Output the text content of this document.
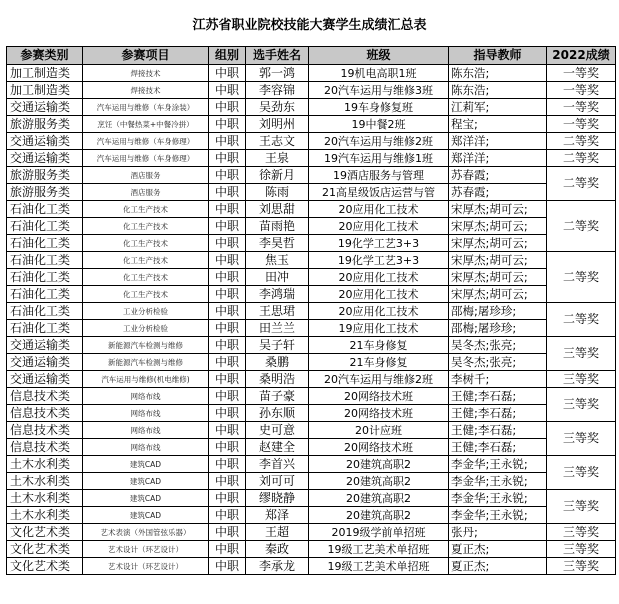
江苏省职业院校技能大赛学生成绩汇总表
参赛类别	参赛项目	组别	选手姓名	班级	指导教师	2022成绩
加工制造类	焊接技术	中职	郭一鸿	19机电高职1班	陈东浩;	一等奖
加工制造类	焊接技术	中职	李容锦	20汽车运用与维修3班	陈东浩;	一等奖
交通运输类	汽车运用与维修（车身涂装）	中职	吴劲东	19车身修复班	江莉军;	一等奖
旅游服务类	烹饪（中餐热菜+中餐冷拼）	中职	刘明州	19中餐2班	程宝;	一等奖
交通运输类	汽车运用与维修（车身修理）	中职	王志文	20汽车运用与维修2班	郑洋洋;	二等奖
交通运输类	汽车运用与维修（车身修理）	中职	王泉	19汽车运用与维修1班	郑洋洋;	二等奖
旅游服务类	酒店服务	中职	徐新月	19酒店服务与管理	苏春霞;	二等奖
旅游服务类	酒店服务	中职	陈雨	21高星级饭店运营与管	苏春霞;	
石油化工类	化工生产技术	中职	刘思甜	20应用化工技术	宋厚杰;胡可云;	二等奖
石油化工类	化工生产技术	中职	苗雨艳	20应用化工技术	宋厚杰;胡可云;	
石油化工类	化工生产技术	中职	李昊哲	19化学工艺3+3	宋厚杰;胡可云;	
石油化工类	化工生产技术	中职	焦玉	19化学工艺3+3	宋厚杰;胡可云;	二等奖
石油化工类	化工生产技术	中职	田冲	20应用化工技术	宋厚杰;胡可云;	
石油化工类	化工生产技术	中职	李鸿瑞	20应用化工技术	宋厚杰;胡可云;	
石油化工类	工业分析检验	中职	王思珺	20应用化工技术	邵梅;屠珍珍;	二等奖
石油化工类	工业分析检验	中职	田兰兰	19应用化工技术	邵梅;屠珍珍;	
交通运输类	新能源汽车检测与维修	中职	吴子轩	21车身修复	吴冬杰;张亮;	三等奖
交通运输类	新能源汽车检测与维修	中职	桑鹏	21车身修复	吴冬杰;张亮;	
交通运输类	汽车运用与维修(机电维修)	中职	桑明浩	20汽车运用与维修2班	李树千;	三等奖
信息技术类	网络布线	中职	苗子豪	20网络技术班	王健;李石磊;	三等奖
信息技术类	网络布线	中职	孙东顺	20网络技术班	王健;李石磊;	
信息技术类	网络布线	中职	史可意	20计应班	王健;李石磊;	三等奖
信息技术类	网络布线	中职	赵建全	20网络技术班	王健;李石磊;	
土木水利类	建筑CAD	中职	李首兴	20建筑高职2	李金华;王永锐;	三等奖
土木水利类	建筑CAD	中职	刘可可	20建筑高职2	李金华;王永锐;	
土木水利类	建筑CAD	中职	缪晓静	20建筑高职2	李金华;王永锐;	三等奖
土木水利类	建筑CAD	中职	郑泽	20建筑高职2	李金华;王永锐;	
文化艺术类	艺术表演（外国管弦乐器）	中职	王超	2019级学前单招班	张丹;	三等奖
文化艺术类	艺术设计（环艺设计）	中职	秦政	19级工艺美术单招班	夏正杰;	三等奖
文化艺术类	艺术设计（环艺设计）	中职	李承龙	19级工艺美术单招班	夏正杰;	三等奖
